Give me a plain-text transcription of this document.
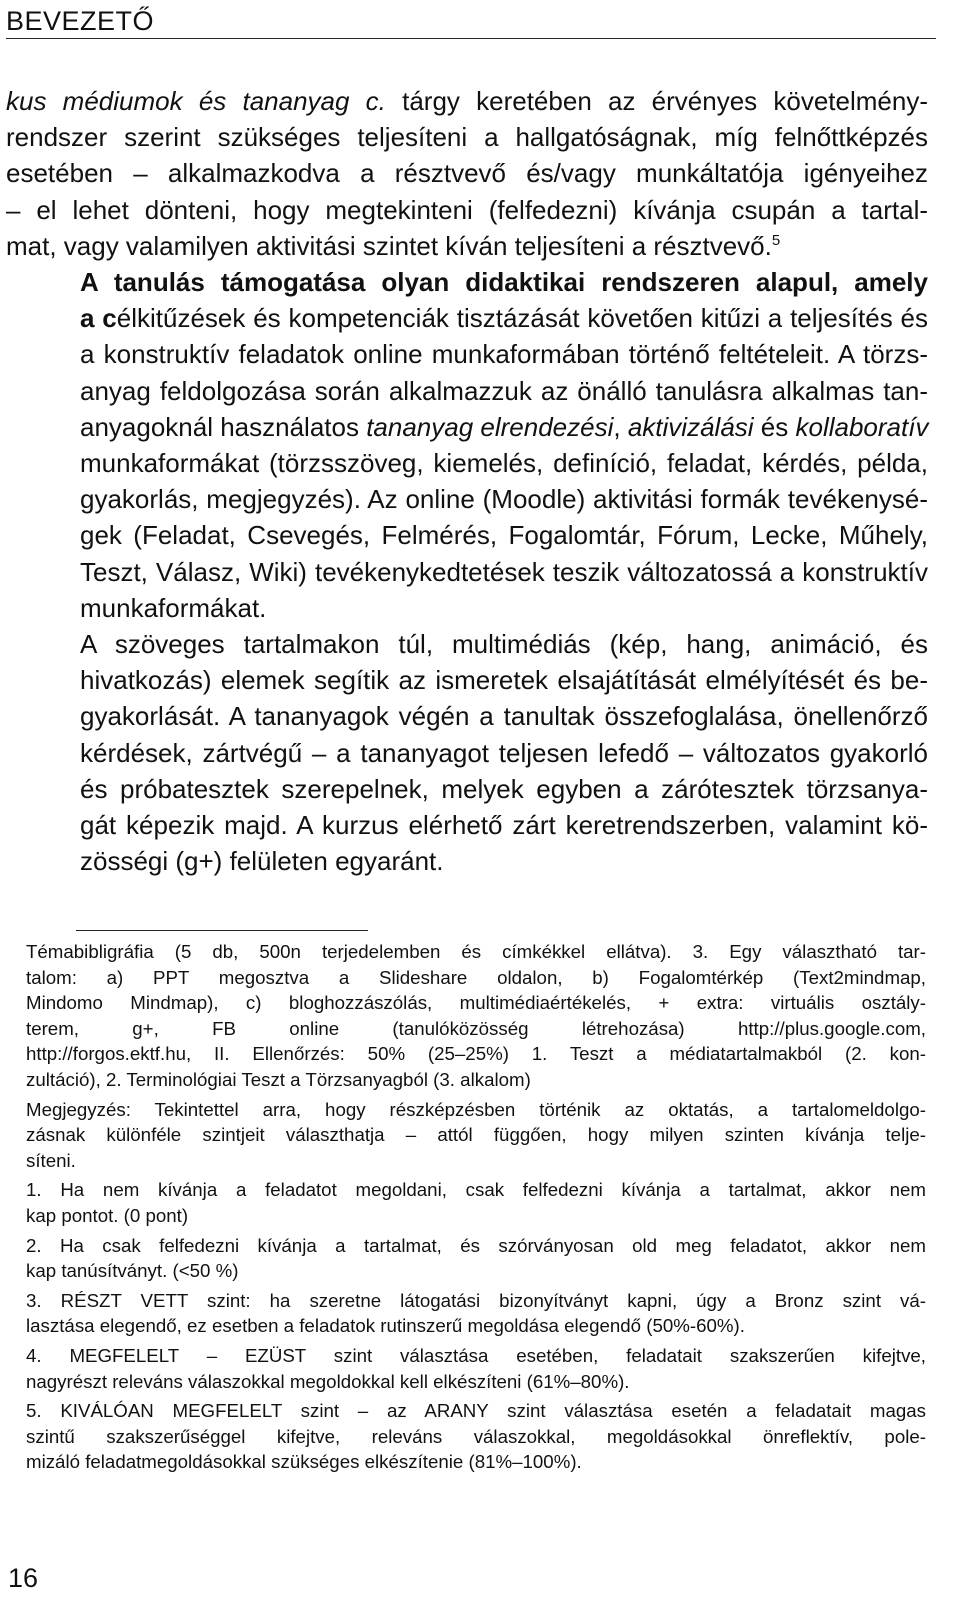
BEVEZETŐ

kus médiumok és tananyag c. tárgy keretében az érvényes követelmény-
rendszer szerint szükséges teljesíteni a hallgatóságnak, míg felnőttképzés
esetében – alkalmazkodva a résztvevő és/vagy munkáltatója igényeihez
– el lehet dönteni, hogy megtekinteni (felfedezni) kívánja csupán a tartal-
mat, vagy valamilyen aktivitási szintet kíván teljesíteni a résztvevő.$^5$

A tanulás támogatása olyan didaktikai rendszeren alapul, amely
a célkitűzések és kompetenciák tisztázását követően kitűzi a teljesítés és
a konstruktív feladatok online munkaformában történő feltételeit. A törzs-
anyag feldolgozása során alkalmazzuk az önálló tanulásra alkalmas tan-
anyagoknál használatos tananyag elrendezési, aktivizálási és kollaboratív
munkaformákat (törzsszöveg, kiemelés, definíció, feladat, kérdés, példa,
gyakorlás, megjegyzés). Az online (Moodle) aktivitási formák tevékenysé-
gek (Feladat, Csevegés, Felmérés, Fogalomtár, Fórum, Lecke, Műhely,
Teszt, Válasz, Wiki) tevékenykedtetések teszik változatossá a konstruktív
munkaformákat.

A szöveges tartalmakon túl, multimédiás (kép, hang, animáció, és
hivatkozás) elemek segítik az ismeretek elsajátítását elmélyítését és be-
gyakorlását. A tananyagok végén a tanultak összefoglalása, önellenőrző
kérdések, zártvégű – a tananyagot teljesen lefedő – változatos gyakorló
és próbatesztek szerepelnek, melyek egyben a zárótesztek törzsanya-
gát képezik majd. A kurzus elérhető zárt keretrendszerben, valamint kö-
zösségi (g+) felületen egyaránt.

Témabibligráfia (5 db, 500n terjedelemben és címkékkel ellátva). 3. Egy választható tar-
talom: a) PPT megosztva a Slideshare oldalon, b) Fogalomtérkép (Text2mindmap,
Mindomo Mindmap), c) bloghozzászólás, multimédiaértékelés, + extra: virtuális osztály-
terem, g+, FB online (tanulóközösség létrehozása) http://plus.google.com,
http://forgos.ektf.hu, II. Ellenőrzés: 50% (25–25%) 1. Teszt a médiatartalmakból (2. kon-
zultáció), 2. Terminológiai Teszt a Törzsanyagból (3. alkalom)
Megjegyzés: Tekintettel arra, hogy részképzésben történik az oktatás, a tartalomeldolgo-
zásnak különféle szintjeit választhatja – attól függően, hogy milyen szinten kívánja telje-
síteni.
1. Ha nem kívánja a feladatot megoldani, csak felfedezni kívánja a tartalmat, akkor nem
kap pontot. (0 pont)
2. Ha csak felfedezni kívánja a tartalmat, és szórványosan old meg feladatot, akkor nem
kap tanúsítványt. (<50 %)
3. RÉSZT VETT szint: ha szeretne látogatási bizonyítványt kapni, úgy a Bronz szint vá-
lasztása elegendő, ez esetben a feladatok rutinszerű megoldása elegendő (50%-60%).
4. MEGFELELT – EZÜST szint választása esetében, feladatait szakszerűen kifejtve,
nagyrészt releváns válaszokkal megoldokkal kell elkészíteni (61%–80%).
5. KIVÁLÓAN MEGFELELT szint – az ARANY szint választása esetén a feladatait magas
szintű szakszerűséggel kifejtve, releváns válaszokkal, megoldásokkal önreflektív, pole-
mizáló feladatmegoldásokkal szükséges elkészítenie (81%–100%).
16
